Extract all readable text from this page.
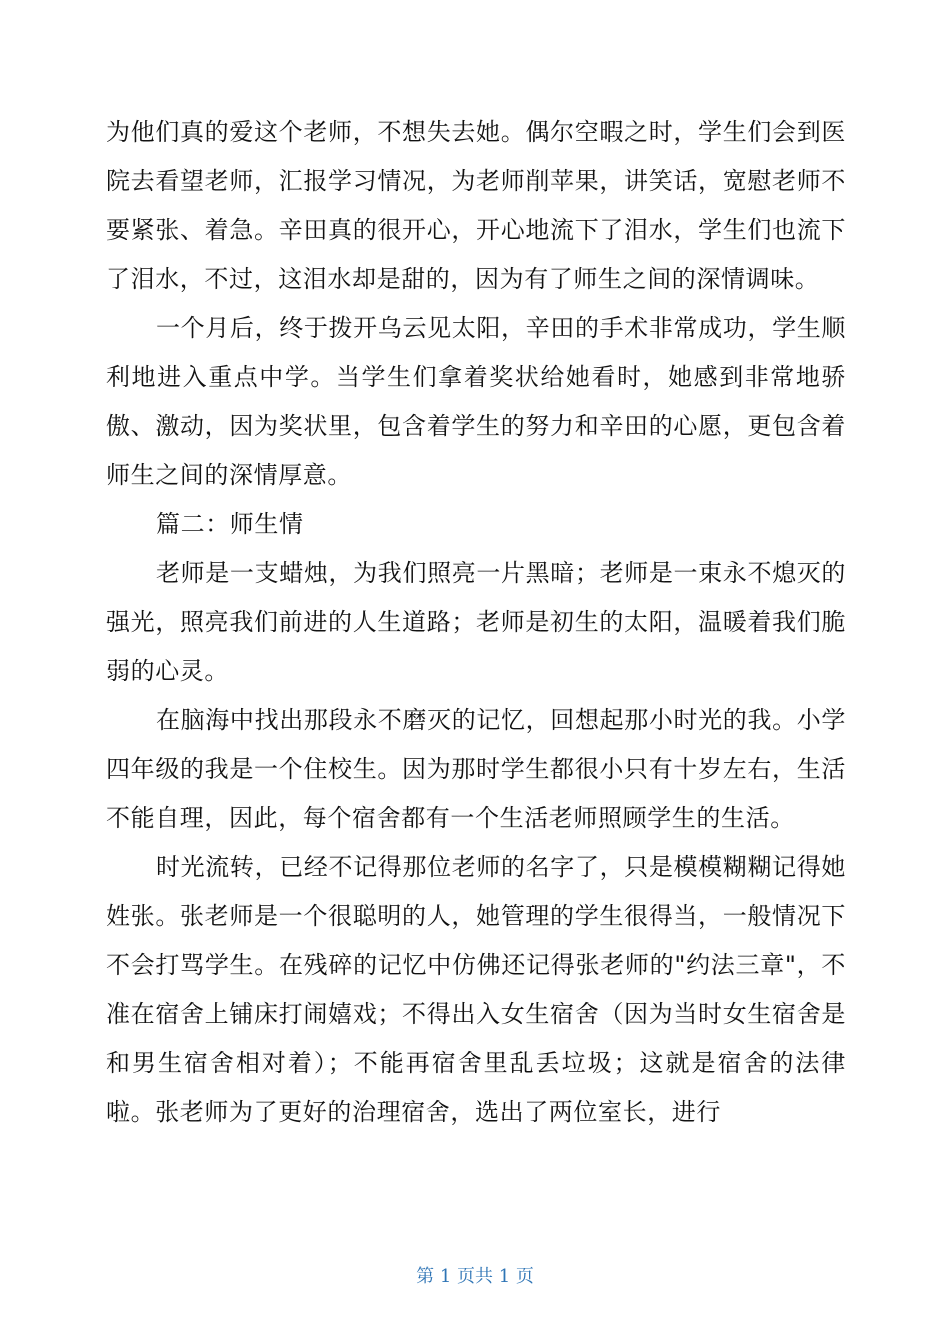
为他们真的爱这个老师，不想失去她。偶尔空暇之时，学生们会到医院去看望老师，汇报学习情况，为老师削苹果，讲笑话，宽慰老师不要紧张、着急。辛田真的很开心，开心地流下了泪水，学生们也流下了泪水，不过，这泪水却是甜的，因为有了师生之间的深情调味。

一个月后，终于拨开乌云见太阳，辛田的手术非常成功，学生顺利地进入重点中学。当学生们拿着奖状给她看时，她感到非常地骄傲、激动，因为奖状里，包含着学生的努力和辛田的心愿，更包含着师生之间的深情厚意。

篇二：师生情

老师是一支蜡烛，为我们照亮一片黑暗；老师是一束永不熄灭的强光，照亮我们前进的人生道路；老师是初生的太阳，温暖着我们脆弱的心灵。

在脑海中找出那段永不磨灭的记忆，回想起那小时光的我。小学四年级的我是一个住校生。因为那时学生都很小只有十岁左右，生活不能自理，因此，每个宿舍都有一个生活老师照顾学生的生活。

时光流转，已经不记得那位老师的名字了，只是模模糊糊记得她姓张。张老师是一个很聪明的人，她管理的学生很得当，一般情况下不会打骂学生。在残碎的记忆中仿佛还记得张老师的"约法三章"，不准在宿舍上铺床打闹嬉戏；不得出入女生宿舍（因为当时女生宿舍是和男生宿舍相对着）；不能再宿舍里乱丢垃圾；这就是宿舍的法律啦。张老师为了更好的治理宿舍，选出了两位室长，进行

第 1 页共 1 页
